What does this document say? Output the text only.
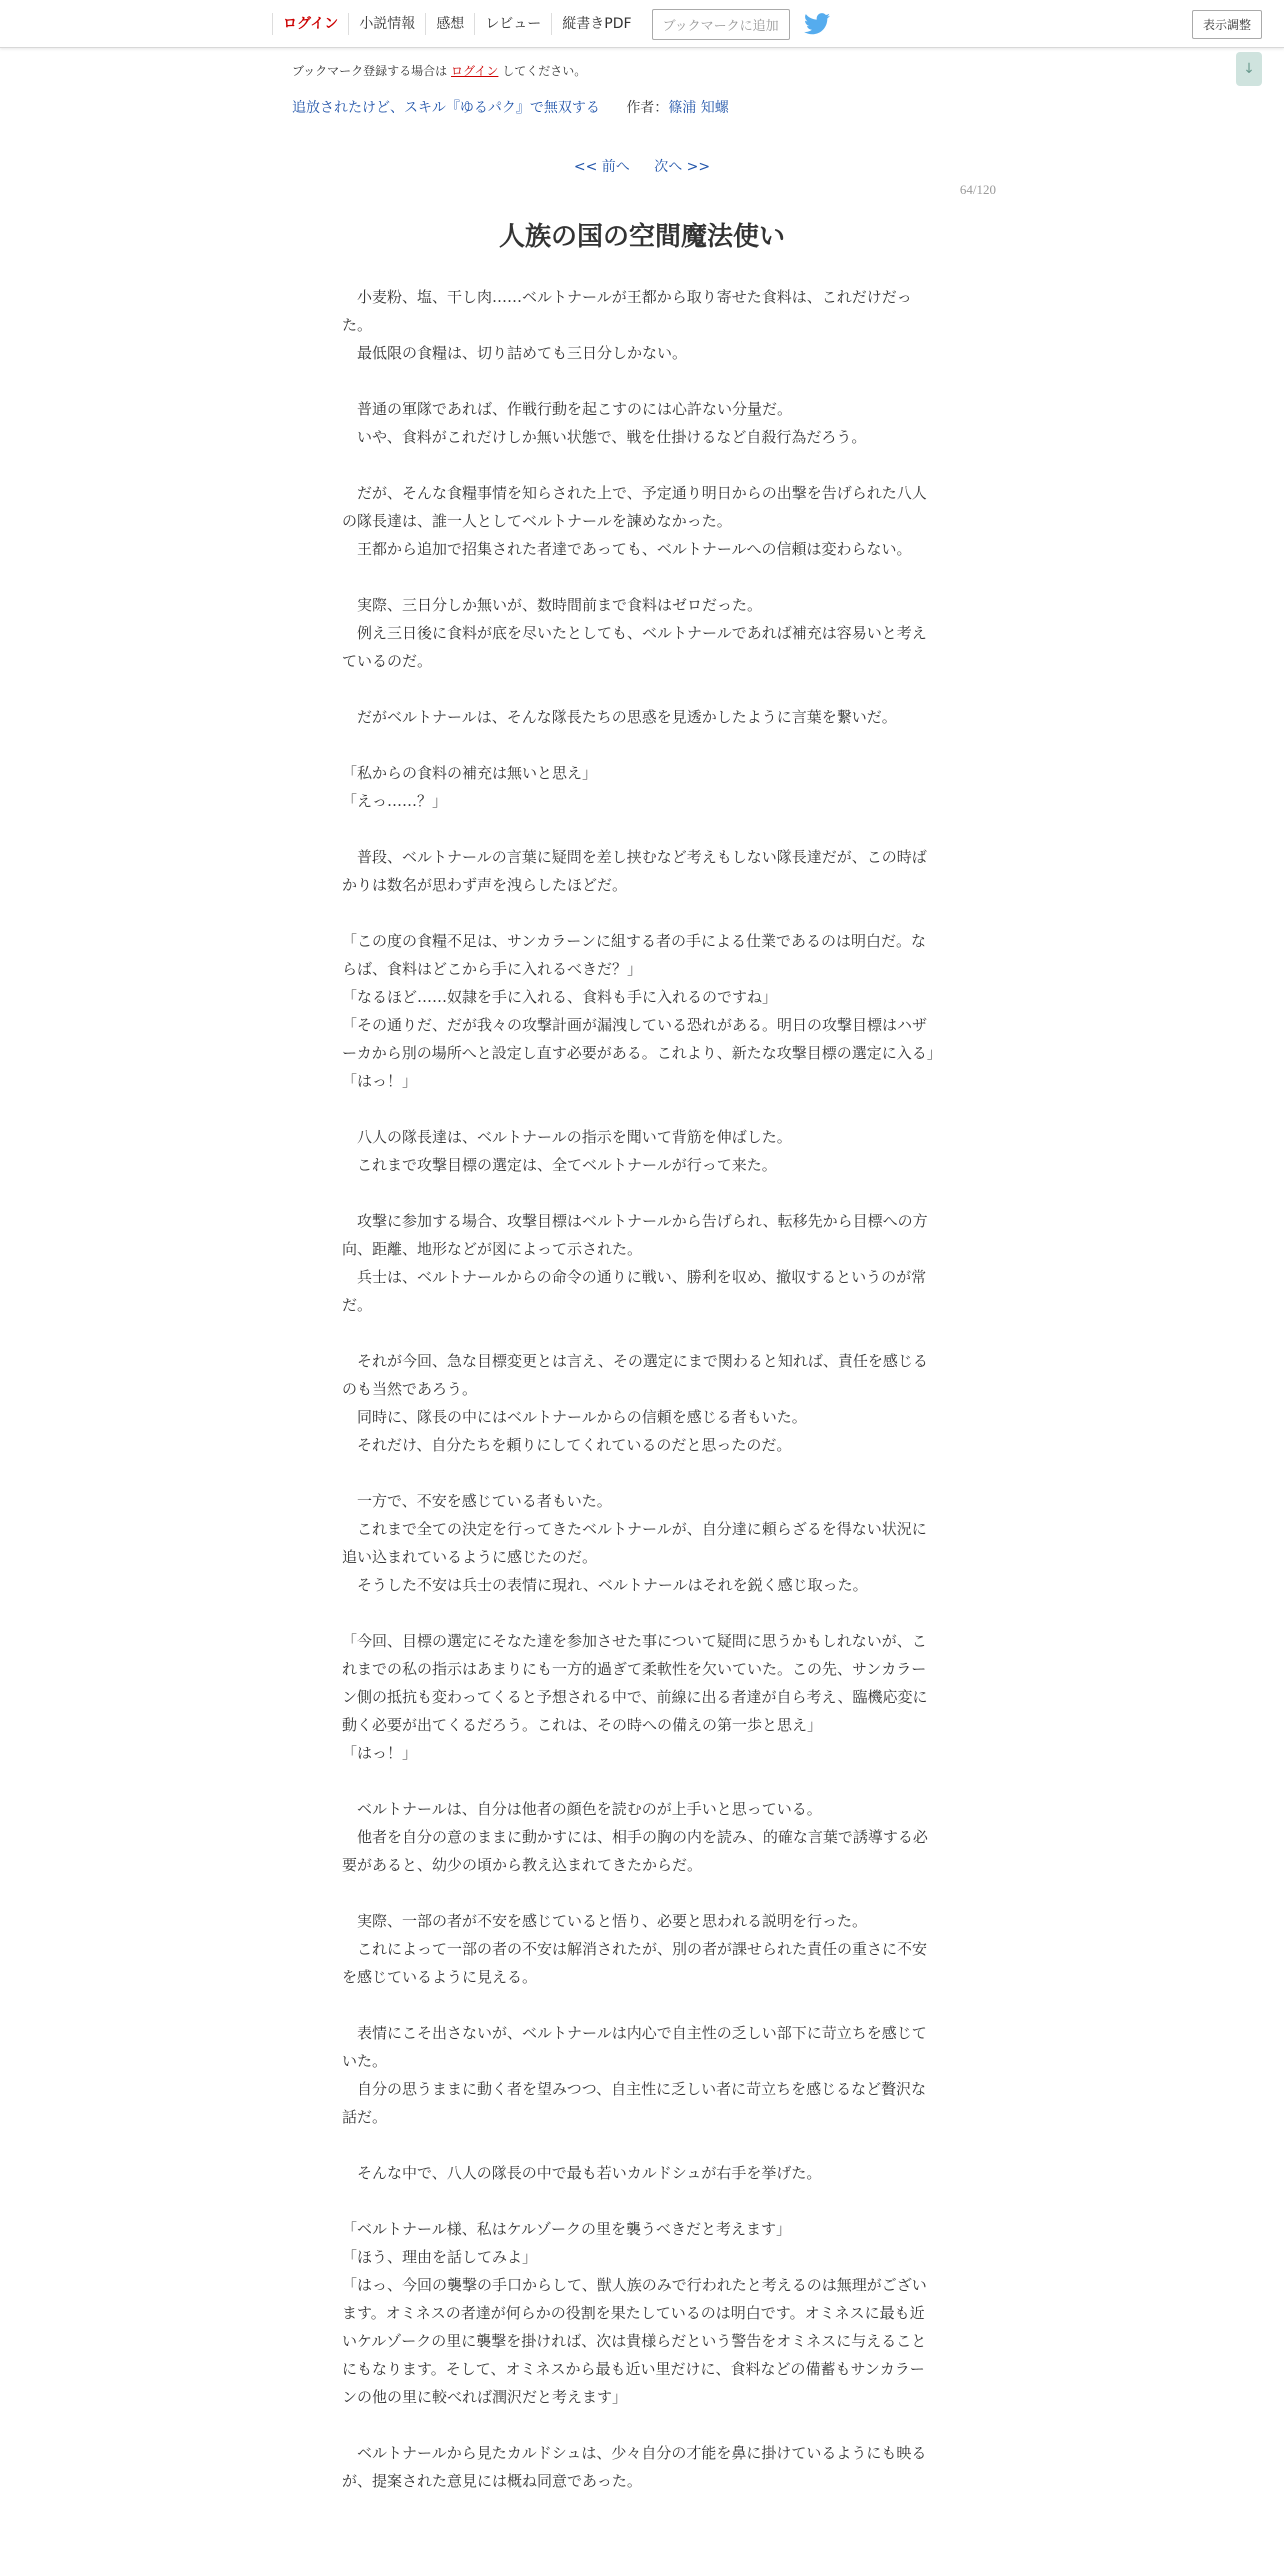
ログイン	小説情報	感想	レビュー	縦書きPDF	ブックマークに追加	表示調整
↓
ブックマーク登録する場合は ログイン してください。
追放されたけど、スキル『ゆるパク』で無双する 作者：篠浦 知螺
<< 前へ 次へ >>
64/120
人族の国の空間魔法使い

　小麦粉、塩、干し肉……ベルトナールが王都から取り寄せた食料は、これだけだった。

　最低限の食糧は、切り詰めても三日分しかない。

　普通の軍隊であれば、作戦行動を起こすのには心許ない分量だ。

　いや、食料がこれだけしか無い状態で、戦を仕掛けるなど自殺行為だろう。

　だが、そんな食糧事情を知らされた上で、予定通り明日からの出撃を告げられた八人の隊長達は、誰一人としてベルトナールを諫めなかった。

　王都から追加で招集された者達であっても、ベルトナールへの信頼は変わらない。

　実際、三日分しか無いが、数時間前まで食料はゼロだった。

　例え三日後に食料が底を尽いたとしても、ベルトナールであれば補充は容易いと考えているのだ。

　だがベルトナールは、そんな隊長たちの思惑を見透かしたように言葉を繋いだ。

「私からの食料の補充は無いと思え」

「えっ……？」

　普段、ベルトナールの言葉に疑問を差し挟むなど考えもしない隊長達だが、この時ばかりは数名が思わず声を洩らしたほどだ。

「この度の食糧不足は、サンカラーンに組する者の手による仕業であるのは明白だ。ならば、食料はどこから手に入れるべきだ？」

「なるほど……奴隷を手に入れる、食料も手に入れるのですね」

「その通りだ、だが我々の攻撃計画が漏洩している恐れがある。明日の攻撃目標はハザーカから別の場所へと設定し直す必要がある。これより、新たな攻撃目標の選定に入る」

「はっ！」

　八人の隊長達は、ベルトナールの指示を聞いて背筋を伸ばした。

　これまで攻撃目標の選定は、全てベルトナールが行って来た。

　攻撃に参加する場合、攻撃目標はベルトナールから告げられ、転移先から目標への方向、距離、地形などが図によって示された。

　兵士は、ベルトナールからの命令の通りに戦い、勝利を収め、撤収するというのが常だ。

　それが今回、急な目標変更とは言え、その選定にまで関わると知れば、責任を感じるのも当然であろう。

　同時に、隊長の中にはベルトナールからの信頼を感じる者もいた。

　それだけ、自分たちを頼りにしてくれているのだと思ったのだ。

　一方で、不安を感じている者もいた。

　これまで全ての決定を行ってきたベルトナールが、自分達に頼らざるを得ない状況に追い込まれているように感じたのだ。

　そうした不安は兵士の表情に現れ、ベルトナールはそれを鋭く感じ取った。

「今回、目標の選定にそなた達を参加させた事について疑問に思うかもしれないが、これまでの私の指示はあまりにも一方的過ぎて柔軟性を欠いていた。この先、サンカラーン側の抵抗も変わってくると予想される中で、前線に出る者達が自ら考え、臨機応変に動く必要が出てくるだろう。これは、その時への備えの第一歩と思え」

「はっ！」

　ベルトナールは、自分は他者の顔色を読むのが上手いと思っている。

　他者を自分の意のままに動かすには、相手の胸の内を読み、的確な言葉で誘導する必要があると、幼少の頃から教え込まれてきたからだ。

　実際、一部の者が不安を感じていると悟り、必要と思われる説明を行った。

　これによって一部の者の不安は解消されたが、別の者が課せられた責任の重さに不安を感じているように見える。

　表情にこそ出さないが、ベルトナールは内心で自主性の乏しい部下に苛立ちを感じていた。

　自分の思うままに動く者を望みつつ、自主性に乏しい者に苛立ちを感じるなど贅沢な話だ。

　そんな中で、八人の隊長の中で最も若いカルドシュが右手を挙げた。

「ベルトナール様、私はケルゾークの里を襲うべきだと考えます」

「ほう、理由を話してみよ」

「はっ、今回の襲撃の手口からして、獣人族のみで行われたと考えるのは無理がございます。オミネスの者達が何らかの役割を果たしているのは明白です。オミネスに最も近いケルゾークの里に襲撃を掛ければ、次は貴様らだという警告をオミネスに与えることにもなります。そして、オミネスから最も近い里だけに、食料などの備蓄もサンカラーンの他の里に較べれば潤沢だと考えます」

　ベルトナールから見たカルドシュは、少々自分の才能を鼻に掛けているようにも映るが、提案された意見には概ね同意であった。
